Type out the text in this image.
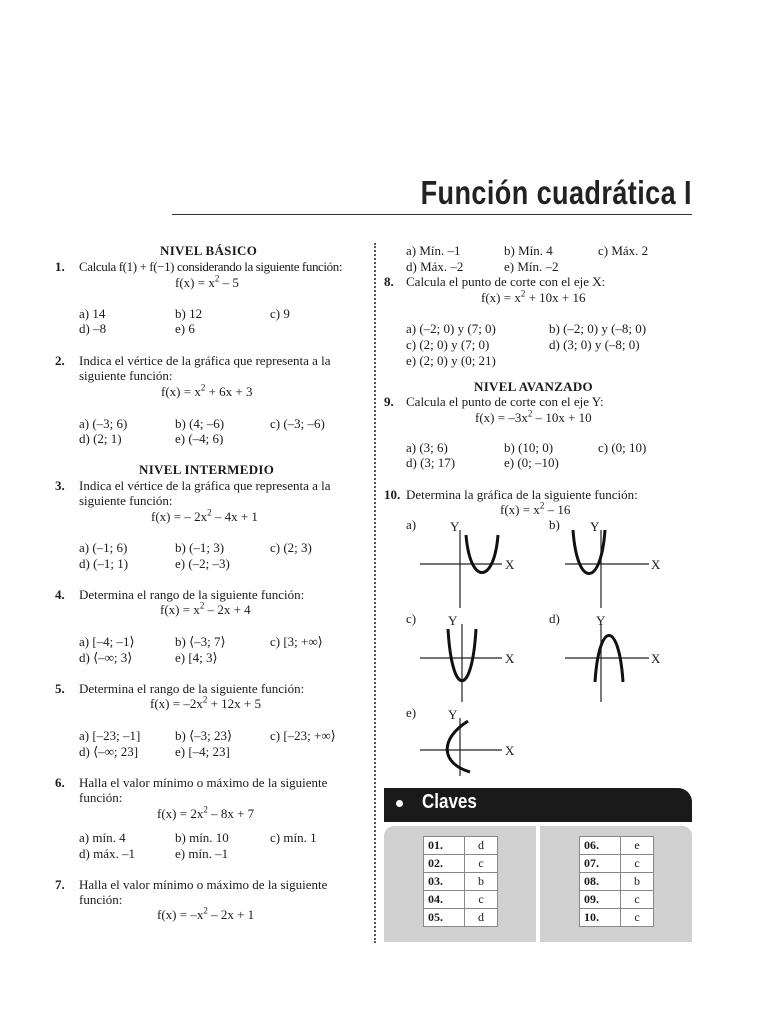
Función cuadrática I
NIVEL BÁSICO
1. Calcula f(1) + f(−1) considerando la siguiente función:
$f(x) = x^2 - 5$
a) 14	b) 12	c) 9
d) –8	e) 6
2. Indica el vértice de la gráfica que representa a la
siguiente función:
$f(x) = x^2 + 6x + 3$
a) (–3; 6)	b) (4; –6)	c) (–3; –6)
d) (2; 1)	e) (–4; 6)
NIVEL INTERMEDIO
3. Indica el vértice de la gráfica que representa a la
siguiente función:
f(x) = – $2x^2 - 4x + 1$
a) (–1; 6)	b) (–1; 3)	c) (2; 3)
d) (–1; 1)	e) (–2; –3)
4. Determina el rango de la siguiente función:
$f(x) = x^2 - 2x + 4$
a) [–4; –1⟩	b) ⟨–3; 7⟩	c) [3; +∞⟩
d) ⟨–∞; 3⟩	e) [4; 3⟩
5. Determina el rango de la siguiente función:
$f(x) = -2x^2 + 12x + 5$
a) [–23; –1]	b) ⟨–3; 23⟩	c) [–23; +∞⟩
d) ⟨–∞; 23]	e) [–4; 23]
6. Halla el valor mínimo o máximo de la siguiente
función:
$f(x) = 2x^2 - 8x + 7$
a) mín. 4	b) mín. 10	c) mín. 1
d) máx. –1	e) mín. –1
7. Halla el valor mínimo o máximo de la siguiente
función:
$f(x) = -x^2 - 2x + 1$
a) Mín. –1	b) Mín. 4	c) Máx. 2
d) Máx. –2	e) Mín. –2
8. Calcula el punto de corte con el eje X:
$f(x) = x^2 + 10x + 16$
a) (–2; 0) y (7; 0)	b) (–2; 0) y (–8; 0)
c) (2; 0) y (7; 0)	d) (3; 0) y (–8; 0)
e) (2; 0) y (0; 21)
NIVEL AVANZADO
9. Calcula el punto de corte con el eje Y:
$f(x) = -3x^2 - 10x + 10$
a) (3; 6)	b) (10; 0)	c) (0; 10)
d) (3; 17)	e) (0; –10)
10. Determina la gráfica de la siguiente función:
$f(x) = x^2 - 16$
a)	b)
c)	d)
e)
Y
X
Y
X
Y
X
Y
X
Y
X
Claves
01.	d
02.	c
03.	b
04.	c
05.	d
06.	e
07.	c
08.	b
09.	c
10.	c
